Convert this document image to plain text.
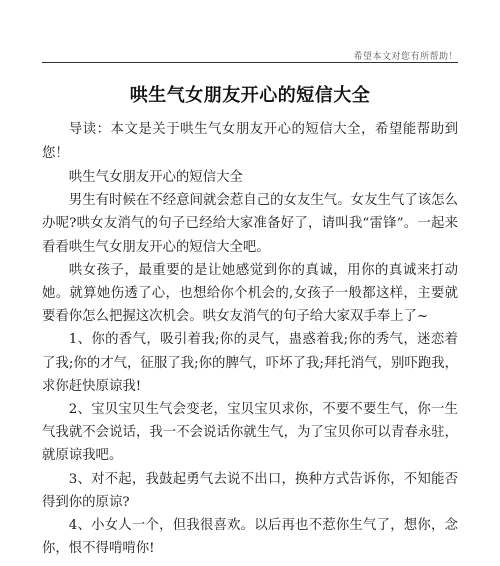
希望本文对您有所帮助！
哄生气女朋友开心的短信大全

导读：本文是关于哄生气女朋友开心的短信大全，希望能帮助到您！

哄生气女朋友开心的短信大全

男生有时候在不经意间就会惹自己的女友生气。女友生气了该怎么办呢?哄女友消气的句子已经给大家准备好了，请叫我“雷锋”。一起来看看哄生气女朋友开心的短信大全吧。

哄女孩子，最重要的是让她感觉到你的真诚，用你的真诚来打动她。就算她伤透了心，也想给你个机会的,女孩子一般都这样，主要就要看你怎么把握这次机会。哄女友消气的句子给大家双手奉上了~

1、你的香气，吸引着我;你的灵气，蛊惑着我;你的秀气，迷恋着了我;你的才气，征服了我;你的脾气，吓坏了我;拜托消气，别吓跑我，求你赶快原谅我!

2、宝贝宝贝生气会变老，宝贝宝贝求你，不要不要生气，你一生气我就不会说话，我一不会说话你就生气，为了宝贝你可以青春永驻，就原谅我吧。

3、对不起，我鼓起勇气去说不出口，换种方式告诉你，不知能否得到你的原谅?

4、小女人一个，但我很喜欢。以后再也不惹你生气了，想你，念你，恨不得啃啃你!
